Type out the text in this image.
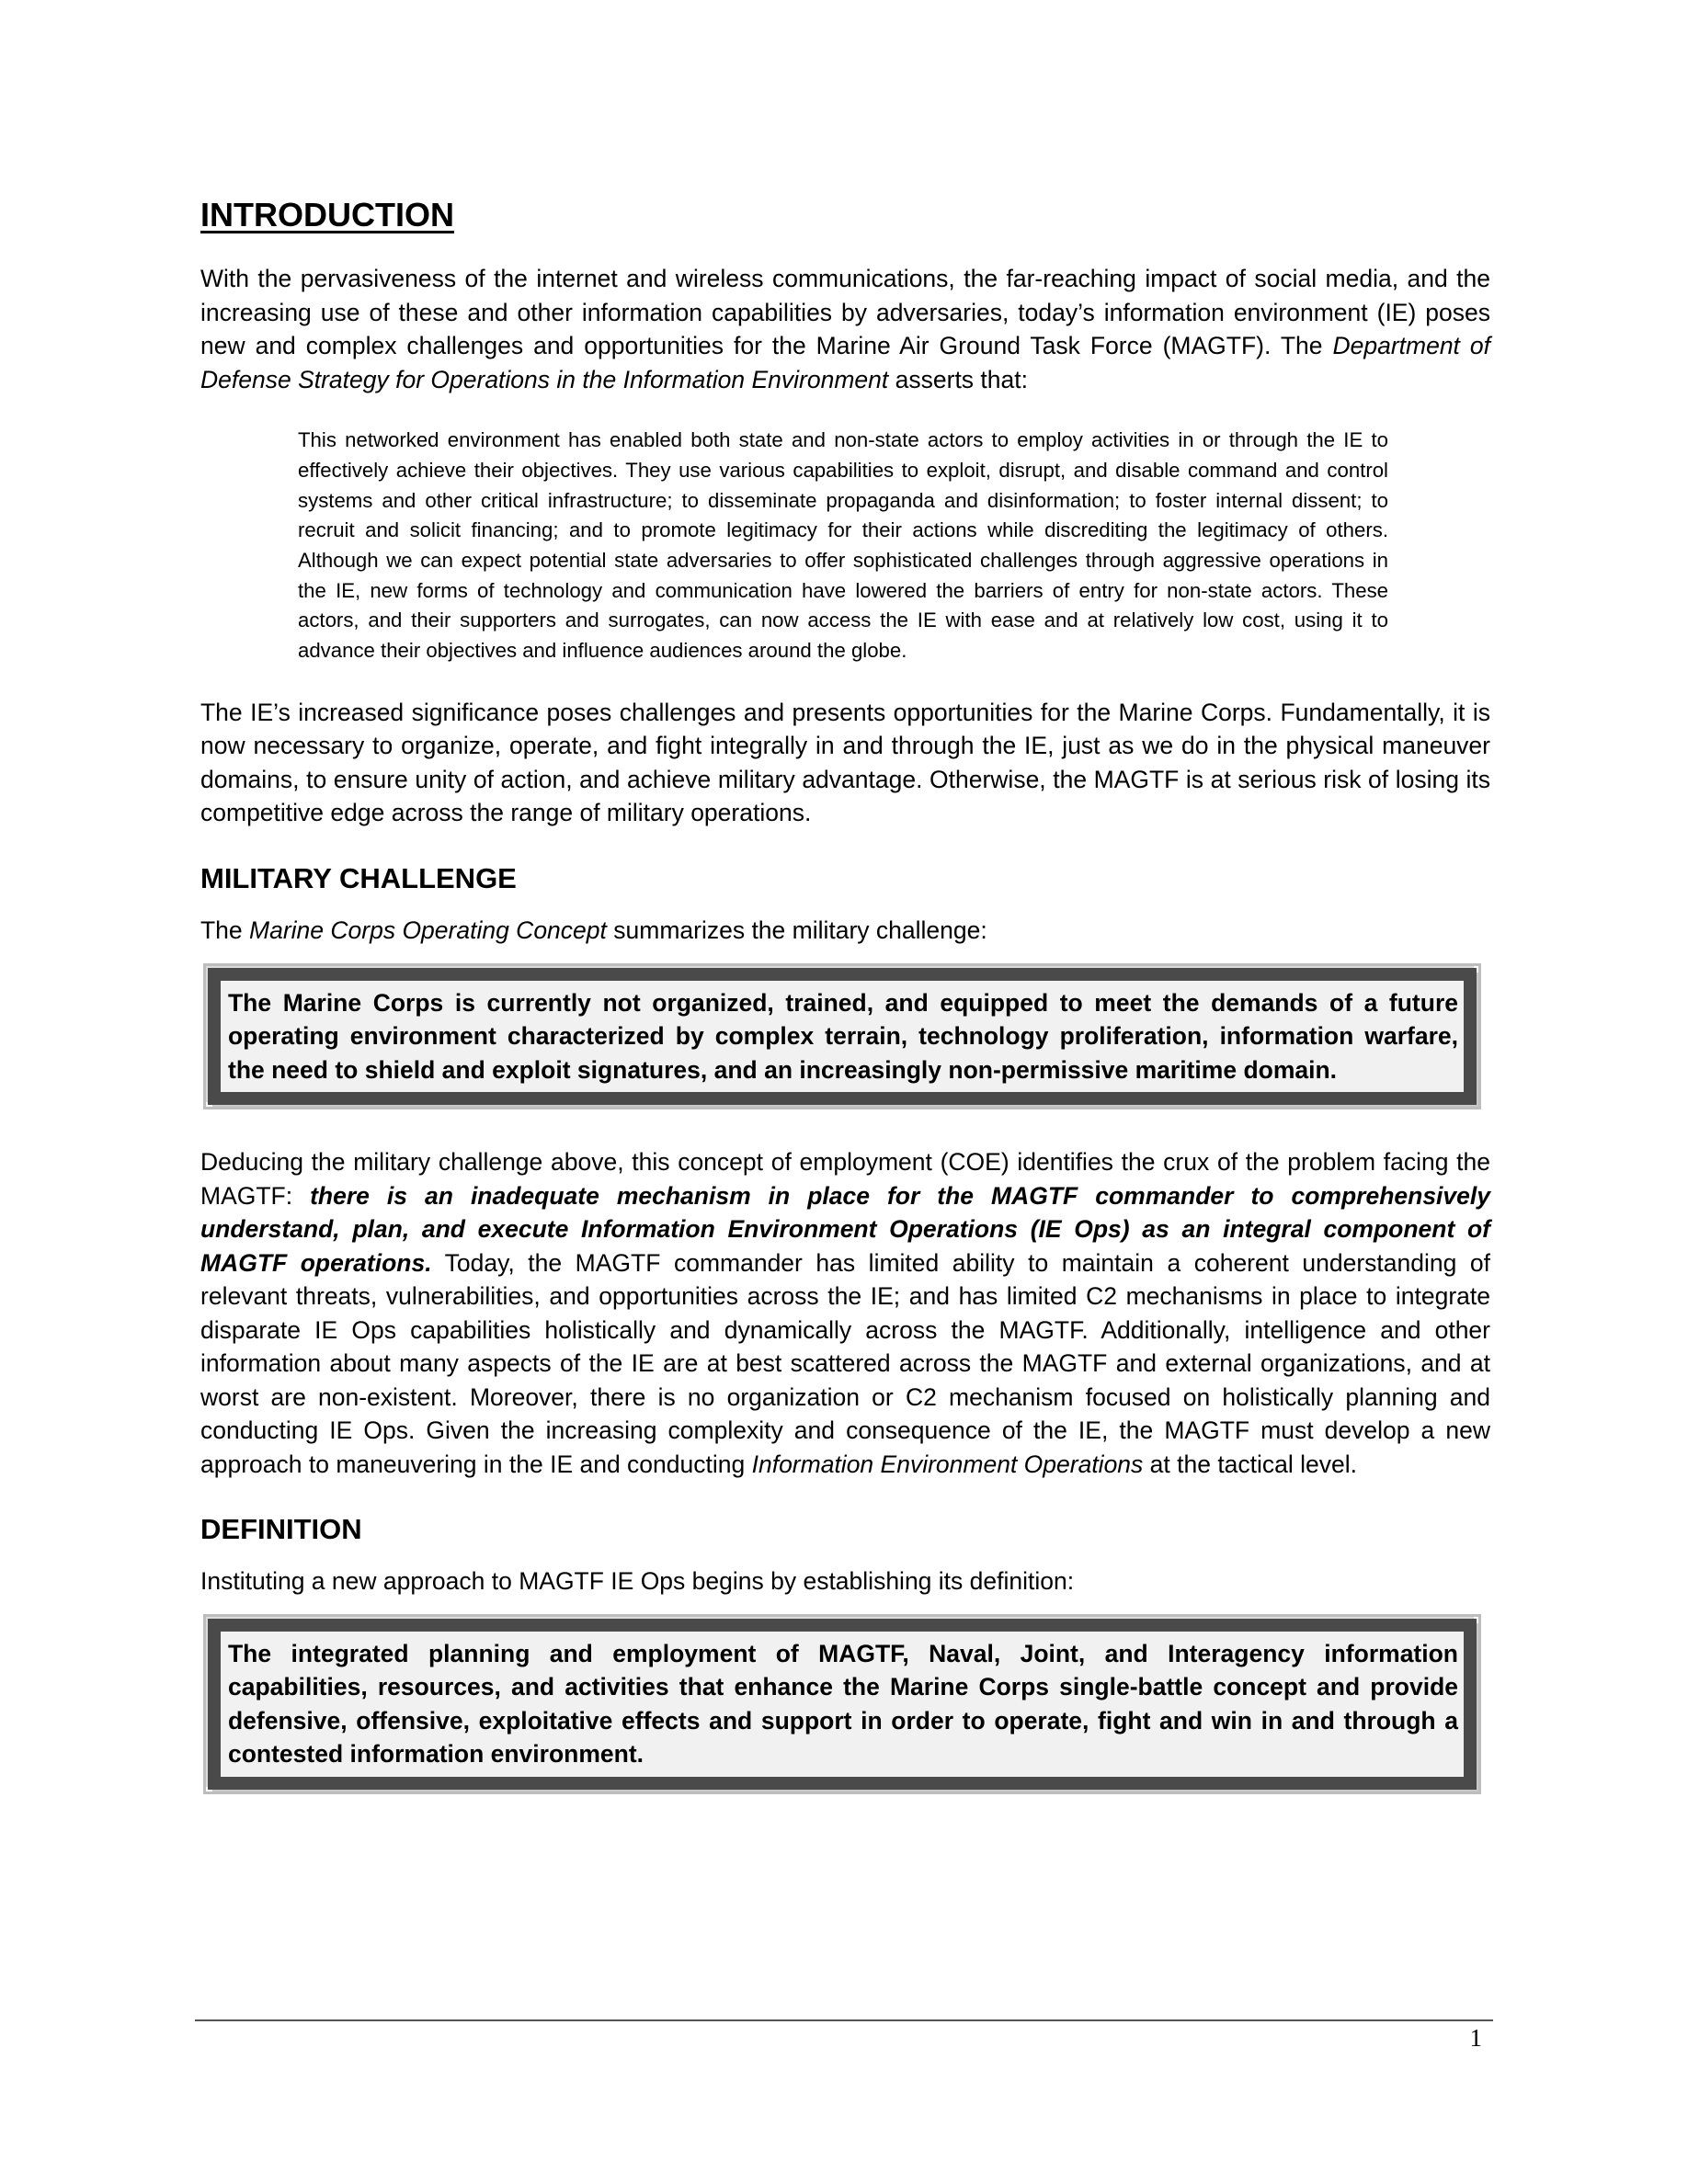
INTRODUCTION

With the pervasiveness of the internet and wireless communications, the far-reaching impact of social media, and the increasing use of these and other information capabilities by adversaries, today’s information environment (IE) poses new and complex challenges and opportunities for the Marine Air Ground Task Force (MAGTF). The Department of Defense Strategy for Operations in the Information Environment asserts that:

This networked environment has enabled both state and non-state actors to employ activities in or through the IE to effectively achieve their objectives. They use various capabilities to exploit, disrupt, and disable command and control systems and other critical infrastructure; to disseminate propaganda and disinformation; to foster internal dissent; to recruit and solicit financing; and to promote legitimacy for their actions while discrediting the legitimacy of others. Although we can expect potential state adversaries to offer sophisticated challenges through aggressive operations in the IE, new forms of technology and communication have lowered the barriers of entry for non-state actors. These actors, and their supporters and surrogates, can now access the IE with ease and at relatively low cost, using it to advance their objectives and influence audiences around the globe.

The IE’s increased significance poses challenges and presents opportunities for the Marine Corps. Fundamentally, it is now necessary to organize, operate, and fight integrally in and through the IE, just as we do in the physical maneuver domains, to ensure unity of action, and achieve military advantage. Otherwise, the MAGTF is at serious risk of losing its competitive edge across the range of military operations.

MILITARY CHALLENGE

The Marine Corps Operating Concept summarizes the military challenge:

The Marine Corps is currently not organized, trained, and equipped to meet the demands of a future operating environment characterized by complex terrain, technology proliferation, information warfare, the need to shield and exploit signatures, and an increasingly non-permissive maritime domain.

Deducing the military challenge above, this concept of employment (COE) identifies the crux of the problem facing the MAGTF: there is an inadequate mechanism in place for the MAGTF commander to comprehensively understand, plan, and execute Information Environment Operations (IE Ops) as an integral component of MAGTF operations. Today, the MAGTF commander has limited ability to maintain a coherent understanding of relevant threats, vulnerabilities, and opportunities across the IE; and has limited C2 mechanisms in place to integrate disparate IE Ops capabilities holistically and dynamically across the MAGTF. Additionally, intelligence and other information about many aspects of the IE are at best scattered across the MAGTF and external organizations, and at worst are non-existent. Moreover, there is no organization or C2 mechanism focused on holistically planning and conducting IE Ops. Given the increasing complexity and consequence of the IE, the MAGTF must develop a new approach to maneuvering in the IE and conducting Information Environment Operations at the tactical level.

DEFINITION

Instituting a new approach to MAGTF IE Ops begins by establishing its definition:

The integrated planning and employment of MAGTF, Naval, Joint, and Interagency information capabilities, resources, and activities that enhance the Marine Corps single-battle concept and provide defensive, offensive, exploitative effects and support in order to operate, fight and win in and through a contested information environment.
1
